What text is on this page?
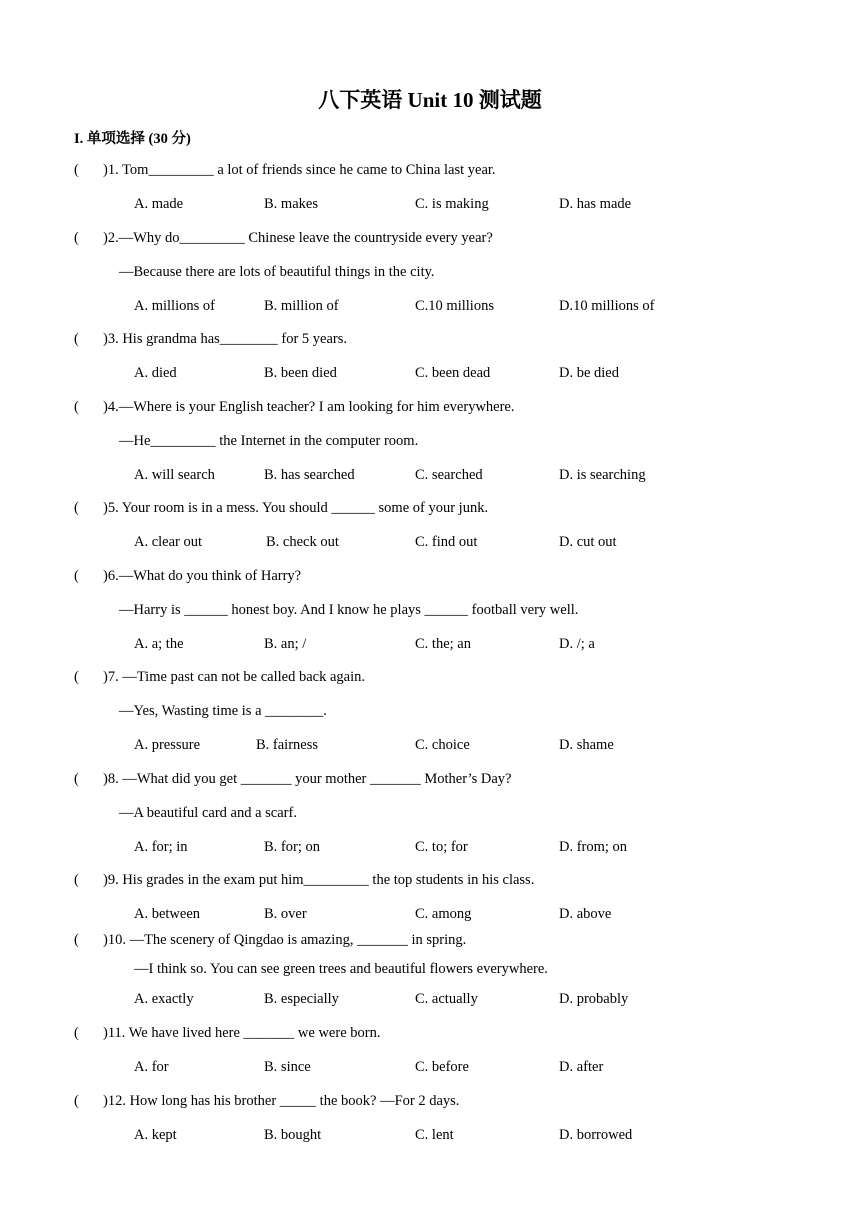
八下英语 Unit 10 测试题
I. 单项选择 (30 分)
( )1. Tom_________ a lot of friends since he came to China last year.
A. made	B. makes	C. is making	D. has made
( )2.—Why do_________ Chinese leave the countryside every year?
—Because there are lots of beautiful things in the city.
A. millions of	B. million of	C.10 millions	D.10 millions of
( )3. His grandma has________ for 5 years.
A. died	B. been died	C. been dead	D. be died
( )4.—Where is your English teacher? I am looking for him everywhere.
—He_________ the Internet in the computer room.
A. will search	B. has searched	C. searched	D. is searching
( )5. Your room is in a mess. You should ______ some of your junk.
A. clear out	B. check out	C. find out	D. cut out
( )6.—What do you think of Harry?
—Harry is ______ honest boy. And I know he plays ______ football very well.
A. a; the	B. an; /	C. the; an	D. /; a
( )7. —Time past can not be called back again.
—Yes, Wasting time is a ________.
A. pressure	B. fairness	C. choice	D. shame
( )8. —What did you get _______ your mother _______ Mother’s Day?
—A beautiful card and a scarf.
A. for; in	B. for; on	C. to; for	D. from; on
( )9. His grades in the exam put him_________ the top students in his class.
A. between	B. over	C. among	D. above
( )10. —The scenery of Qingdao is amazing, _______ in spring.
—I think so. You can see green trees and beautiful flowers everywhere.
A. exactly	B. especially	C. actually	D. probably
( )11. We have lived here _______ we were born.
A. for	B. since	C. before	D. after
( )12. How long has his brother _____ the book? —For 2 days.
A. kept	B. bought	C. lent	D. borrowed
